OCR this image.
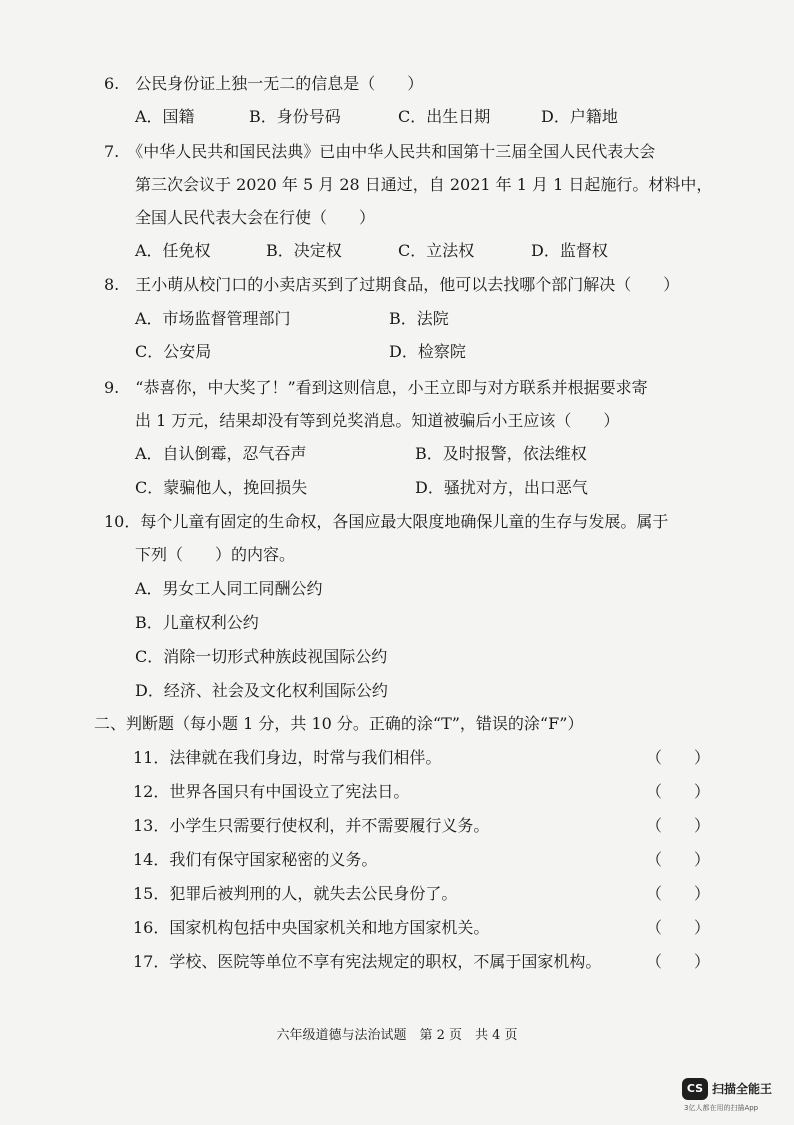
6.　公民身份证上独一无二的信息是（　　）
A．国籍	B．身份号码	C．出生日期	D．户籍地
7.　《中华人民共和国民法典》已由中华人民共和国第十三届全国人民代表大会
第三次会议于 2020 年 5 月 28 日通过，自 2021 年 1 月 1 日起施行。材料中，
全国人民代表大会在行使（　　）
A．任免权	B．决定权	C．立法权	D．监督权
8.　王小萌从校门口的小卖店买到了过期食品，他可以去找哪个部门解决（　　）
A．市场监督管理部门	B．法院
C．公安局	D．检察院
9.　“恭喜你，中大奖了！”看到这则信息，小王立即与对方联系并根据要求寄
出 1 万元，结果却没有等到兑奖消息。知道被骗后小王应该（　　）
A．自认倒霉，忍气吞声	B．及时报警，依法维权
C．蒙骗他人，挽回损失	D．骚扰对方，出口恶气
10．每个儿童有固定的生命权，各国应最大限度地确保儿童的生存与发展。属于
下列（　　）的内容。
A．男女工人同工同酬公约
B．儿童权利公约
C．消除一切形式种族歧视国际公约
D．经济、社会及文化权利国际公约
二、判断题（每小题 1 分，共 10 分。正确的涂“T”，错误的涂“F”）
11．法律就在我们身边，时常与我们相伴。	（　　）
12．世界各国只有中国设立了宪法日。	（　　）
13．小学生只需要行使权利，并不需要履行义务。	（　　）
14．我们有保守国家秘密的义务。	（　　）
15．犯罪后被判刑的人，就失去公民身份了。	（　　）
16．国家机构包括中央国家机关和地方国家机关。	（　　）
17．学校、医院等单位不享有宪法规定的职权，不属于国家机构。	（　　）
六年级道德与法治试题　第 2 页　共 4 页
CS 扫描全能王
3亿人都在用的扫描App
